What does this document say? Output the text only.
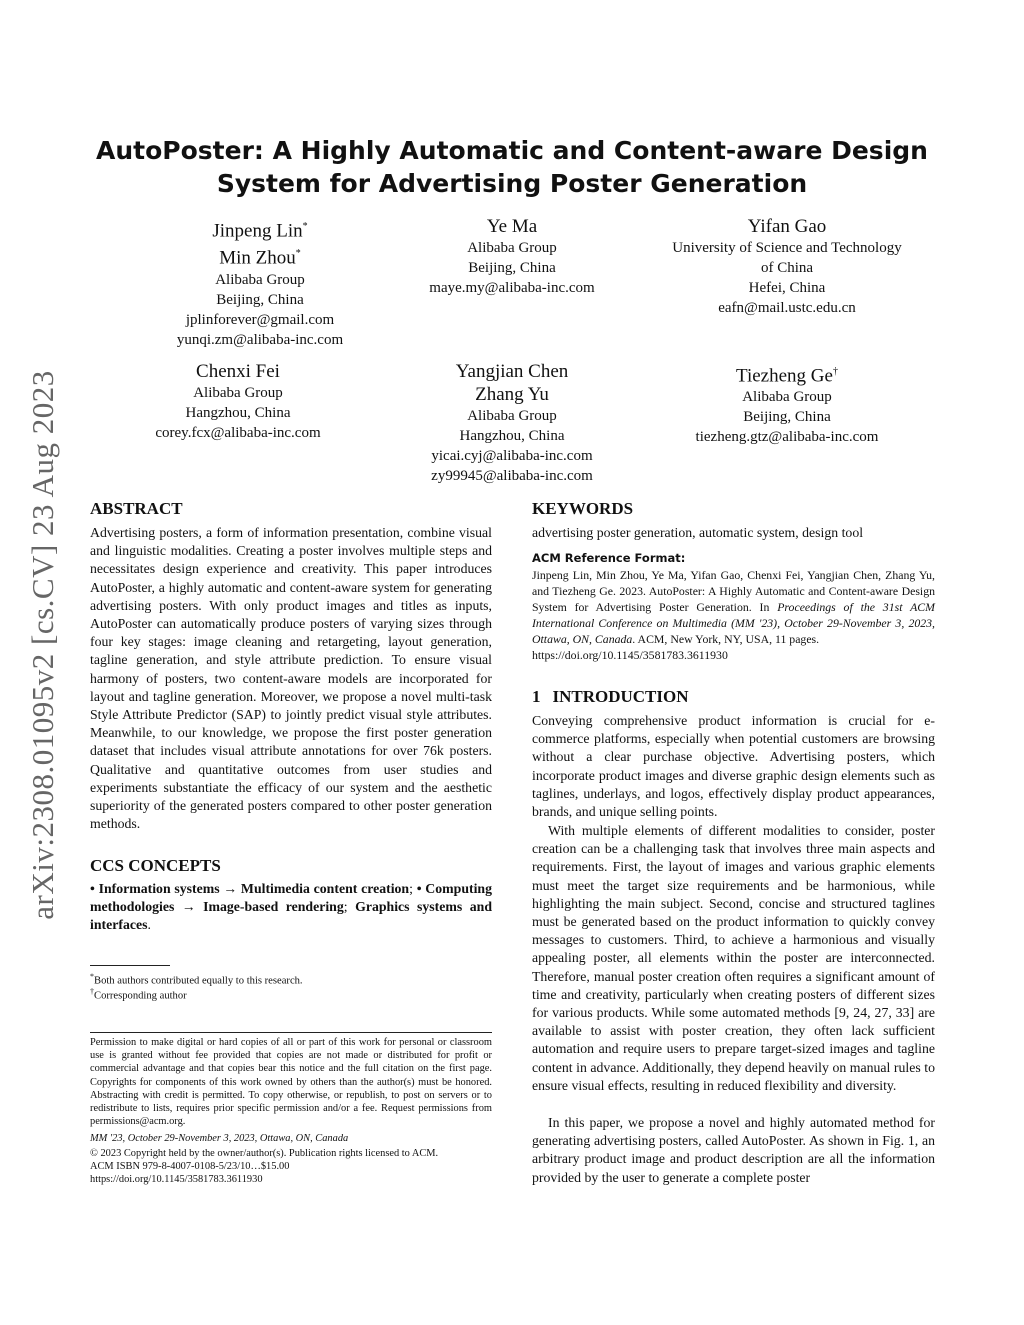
arXiv:2308.01095v2 [cs.CV] 23 Aug 2023
AutoPoster: A Highly Automatic and Content-aware Design
System for Advertising Poster Generation
Jinpeng Lin*
Min Zhou*
Alibaba Group
Beijing, China
jplinforever@gmail.com
yunqi.zm@alibaba-inc.com
Ye Ma
Alibaba Group
Beijing, China
maye.my@alibaba-inc.com
Yifan Gao
University of Science and Technology
of China
Hefei, China
eafn@mail.ustc.edu.cn
Chenxi Fei
Alibaba Group
Hangzhou, China
corey.fcx@alibaba-inc.com
Yangjian Chen
Zhang Yu
Alibaba Group
Hangzhou, China
yicai.cyj@alibaba-inc.com
zy99945@alibaba-inc.com
Tiezheng Ge†
Alibaba Group
Beijing, China
tiezheng.gtz@alibaba-inc.com
ABSTRACT
Advertising posters, a form of information presentation, combine visual and linguistic modalities. Creating a poster involves multiple steps and necessitates design experience and creativity. This paper introduces AutoPoster, a highly automatic and content-aware system for generating advertising posters. With only product images and titles as inputs, AutoPoster can automatically produce posters of varying sizes through four key stages: image cleaning and retargeting, layout generation, tagline generation, and style attribute prediction. To ensure visual harmony of posters, two content-aware models are incorporated for layout and tagline generation. Moreover, we propose a novel multi-task Style Attribute Predictor (SAP) to jointly predict visual style attributes. Meanwhile, to our knowledge, we propose the first poster generation dataset that includes visual attribute annotations for over 76k posters. Qualitative and quantitative outcomes from user studies and experiments substantiate the efficacy of our system and the aesthetic superiority of the generated posters compared to other poster generation methods.
CCS CONCEPTS
• Information systems → Multimedia content creation; • Computing methodologies → Image-based rendering; Graphics systems and interfaces.
*Both authors contributed equally to this research.
†Corresponding author
Permission to make digital or hard copies of all or part of this work for personal or classroom use is granted without fee provided that copies are not made or distributed for profit or commercial advantage and that copies bear this notice and the full citation on the first page. Copyrights for components of this work owned by others than the author(s) must be honored. Abstracting with credit is permitted. To copy otherwise, or republish, to post on servers or to redistribute to lists, requires prior specific permission and/or a fee. Request permissions from permissions@acm.org.
MM '23, October 29-November 3, 2023, Ottawa, ON, Canada
© 2023 Copyright held by the owner/author(s). Publication rights licensed to ACM.
ACM ISBN 979-8-4007-0108-5/23/10…$15.00
https://doi.org/10.1145/3581783.3611930
KEYWORDS
advertising poster generation, automatic system, design tool
ACM Reference Format:
Jinpeng Lin, Min Zhou, Ye Ma, Yifan Gao, Chenxi Fei, Yangjian Chen, Zhang Yu, and Tiezheng Ge. 2023. AutoPoster: A Highly Automatic and Content-aware Design System for Advertising Poster Generation. In Proceedings of the 31st ACM International Conference on Multimedia (MM '23), October 29-November 3, 2023, Ottawa, ON, Canada. ACM, New York, NY, USA, 11 pages.
https://doi.org/10.1145/3581783.3611930
1 INTRODUCTION
Conveying comprehensive product information is crucial for e-commerce platforms, especially when potential customers are browsing without a clear purchase objective. Advertising posters, which incorporate product images and diverse graphic design elements such as taglines, underlays, and logos, effectively display product appearances, brands, and unique selling points.
With multiple elements of different modalities to consider, poster creation can be a challenging task that involves three main aspects and requirements. First, the layout of images and various graphic elements must meet the target size requirements and be harmonious, while highlighting the main subject. Second, concise and structured taglines must be generated based on the product information to quickly convey messages to customers. Third, to achieve a harmonious and visually appealing poster, all elements within the poster are interconnected. Therefore, manual poster creation often requires a significant amount of time and creativity, particularly when creating posters of different sizes for various products. While some automated methods [9, 24, 27, 33] are available to assist with poster creation, they often lack sufficient automation and require users to prepare target-sized images and tagline content in advance. Additionally, they depend heavily on manual rules to ensure visual effects, resulting in reduced flexibility and diversity.
In this paper, we propose a novel and highly automated method for generating advertising posters, called AutoPoster. As shown in Fig. 1, an arbitrary product image and product description are all the information provided by the user to generate a complete poster
